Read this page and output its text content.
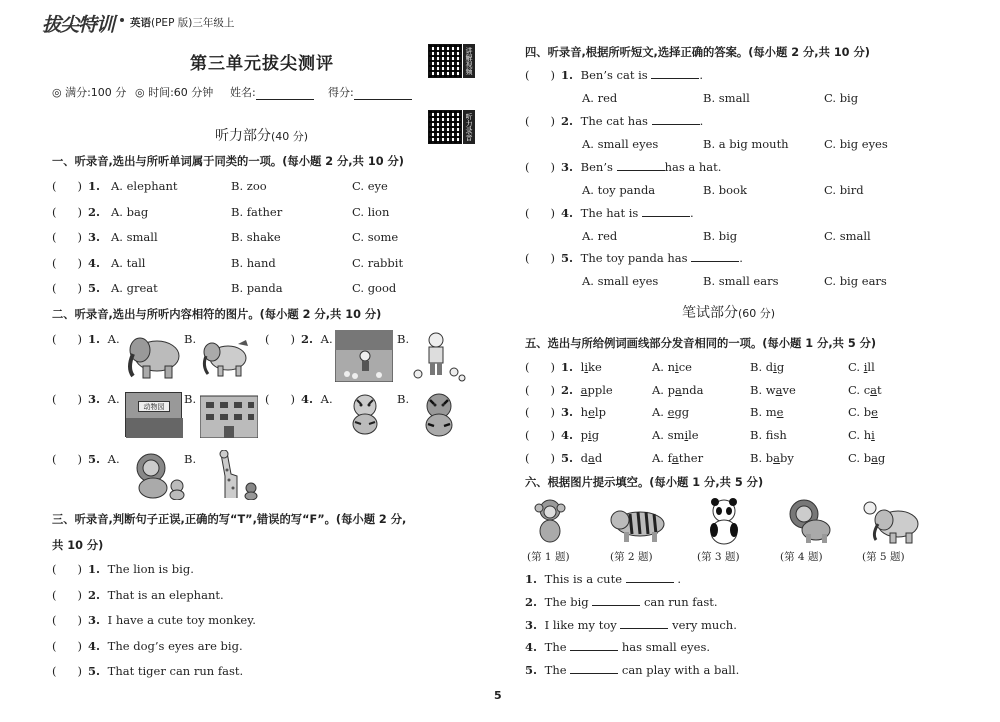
拔尖特训 英语(PEP 版)三年级上
第三单元拔尖测评	讲解视频
听力录音
◎ 满分:100 分 ◎ 时间:60 分钟 姓名:	得分:
听力部分(40 分)
一、听录音,选出与所听单词属于同类的一项。(每小题 2 分,共 10 分)
二、听录音,选出与所听内容相符的图片。(每小题 2 分,共 10 分)
动物园
三、听录音,判断句子正误,正确的写“T”,错误的写“F”。(每小题 2 分,
共 10 分)
5
四、听录音,根据所听短文,选择正确的答案。(每小题 2 分,共 10 分)
笔试部分(60 分)
五、选出与所给例词画线部分发音相同的一项。(每小题 1 分,共 5 分)
六、根据图片提示填空。(每小题 1 分,共 5 分)
( )1. A. elephant	B. zoo	C. eye
( )2. A. bag	B. father	C. lion
( )3. A. small	B. shake	C. some
( )4. A. tall	B. hand	C. rabbit
( )5. A. great	B. panda	C. good
( )1. A.	B. ( )	2. A.	B.
( )3. A.	B. ( )	4. A.	B.
( )5. A.	B.
( )1. The lion is big.
( )2. That is an elephant.
( )3. I have a cute toy monkey.
( )4. The dog’s eyes are big.
( )5. That tiger can run fast.
( )1. Ben’s cat is	.
A. red	B. small	C. big
( )2. The cat has	.
A. small eyes	B. a big mouth	C. big eyes
( )3. Ben’s	has a hat.
A. toy panda	B. book	C. bird
( )4. The hat is	.
A. red	B. big	C. small
( )5. The toy panda has	.
A. small eyes	B. small ears	C. big ears
( )1. like	A. nice	B. dig	C. ill
( )2. apple	A. panda	B. wave	C. cat
( )3. help	A. egg	B. me	C. be
( )4. pig	A. smile	B. fsh	C. hi
( )5. dad	A. father	B. baby	C. bag
(第 1 题)	(第 2 题)	(第 3 题)	(第 4 题)	(第 5 题)
1. This is a cute	.
2. The big	can run fast.
3. I like my toy	very much.
4. The	has small eyes.
5. The	can play with a ball.
